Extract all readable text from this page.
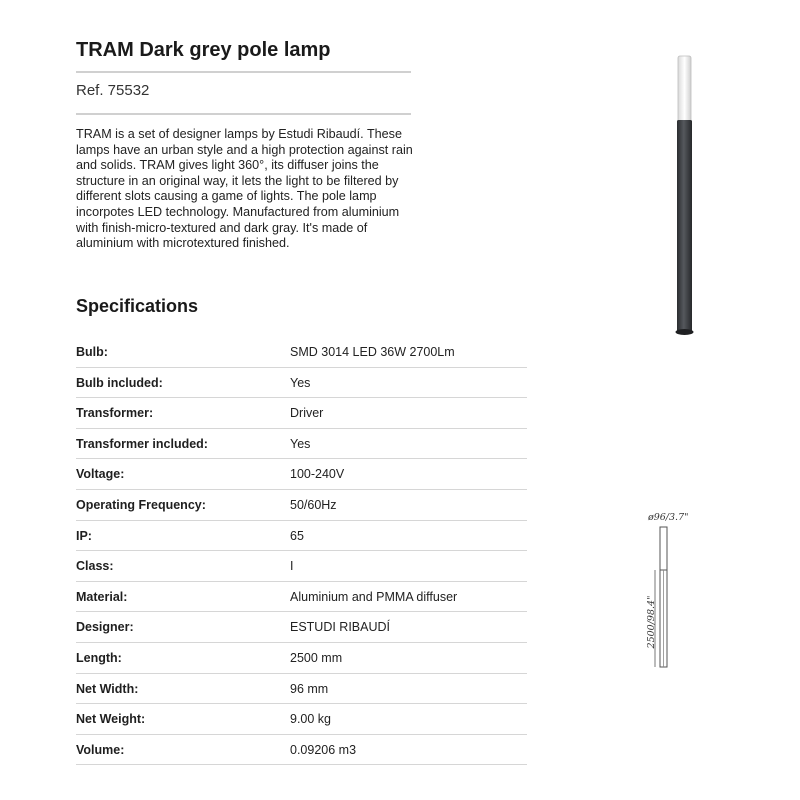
TRAM Dark grey pole lamp
Ref. 75532
TRAM is a set of designer lamps by Estudi Ribaudí. These lamps have an urban style and a high protection against rain and solids. TRAM gives light 360°, its diffuser joins the structure in an original way, it lets the light to be filtered by different slots causing a game of lights. The pole lamp incorpotes LED technology. Manufactured from aluminium with finish-micro-textured and dark gray. It's made of aluminium with microtextured finished.
Specifications
Bulb:	SMD 3014 LED 36W 2700Lm
Bulb included:	Yes
Transformer:	Driver
Transformer included:	Yes
Voltage:	100-240V
Operating Frequency:	50/60Hz
IP:	65
Class:	I
Material:	Aluminium and PMMA diffuser
Designer:	ESTUDI RIBAUDÍ
Length:	2500 mm
Net Width:	96 mm
Net Weight:	9.00 kg
Volume:	0.09206 m3
ø96/3.7"
2500/98.4"
